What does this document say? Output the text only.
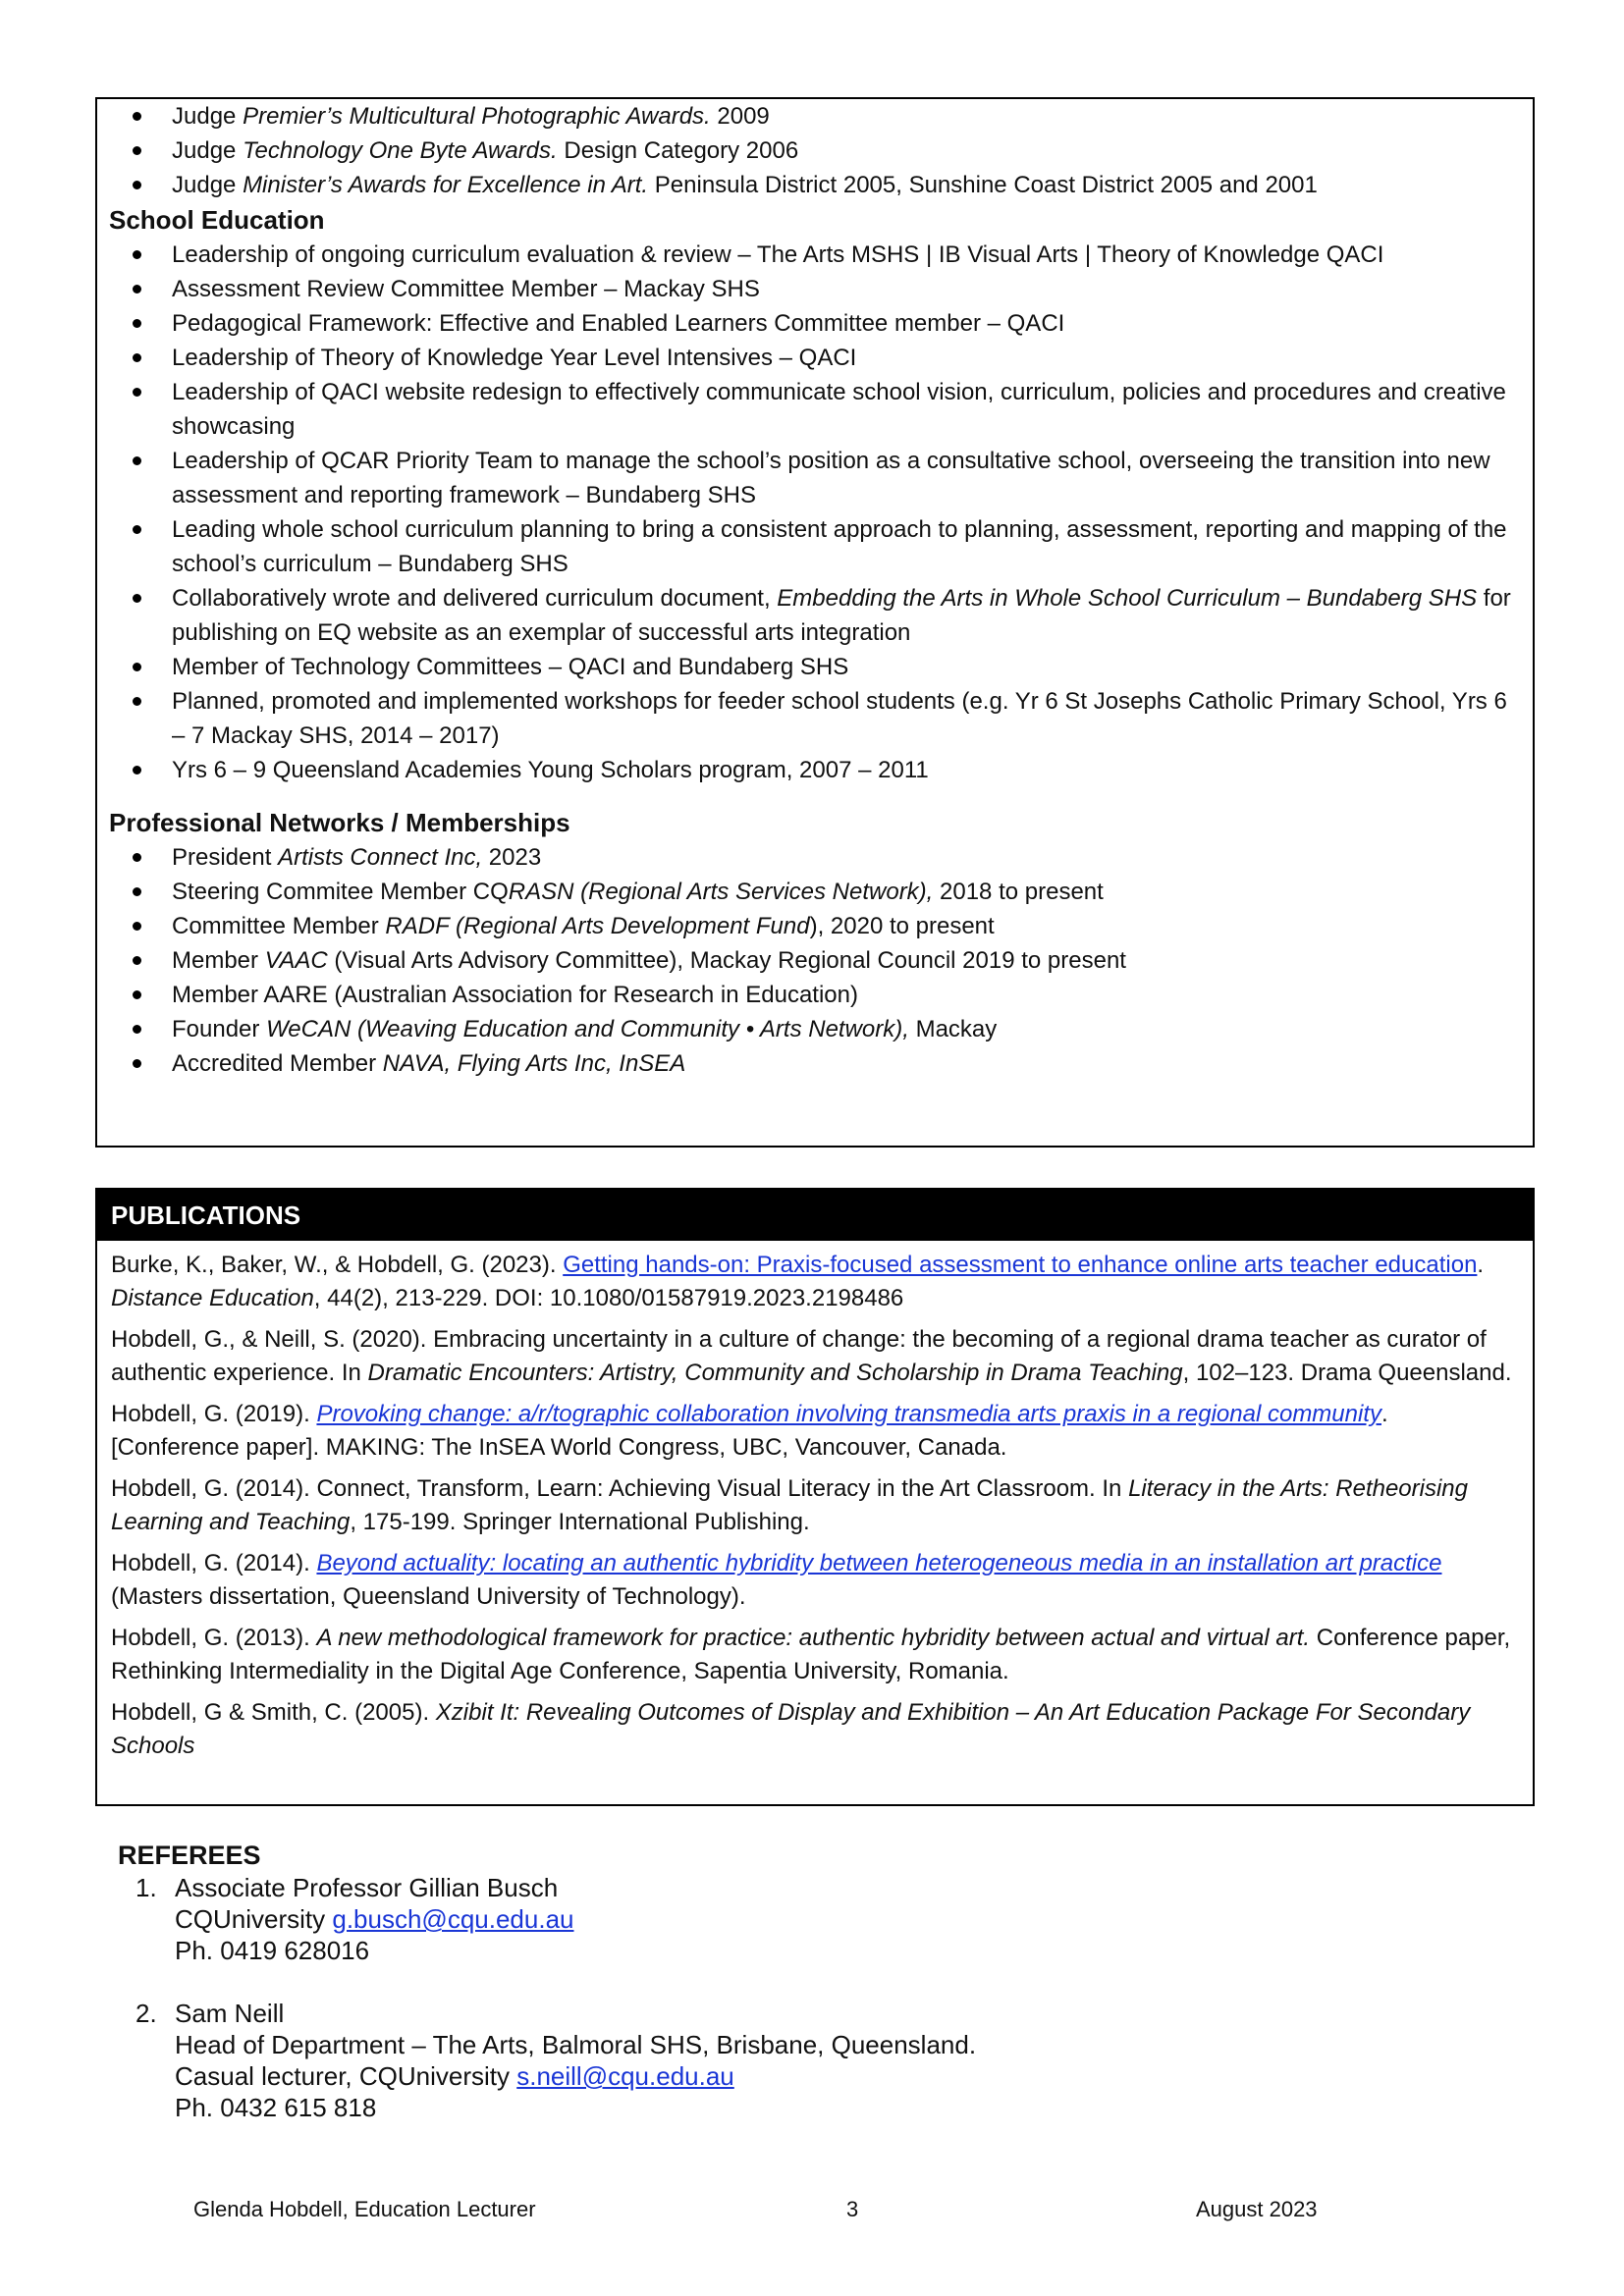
Judge Premier’s Multicultural Photographic Awards. 2009
Judge Technology One Byte Awards. Design Category 2006
Judge Minister’s Awards for Excellence in Art. Peninsula District 2005, Sunshine Coast District 2005 and 2001
School Education
Leadership of ongoing curriculum evaluation & review – The Arts MSHS | IB Visual Arts | Theory of Knowledge QACI
Assessment Review Committee Member – Mackay SHS
Pedagogical Framework: Effective and Enabled Learners Committee member – QACI
Leadership of Theory of Knowledge Year Level Intensives – QACI
Leadership of QACI website redesign to effectively communicate school vision, curriculum, policies and procedures and creative showcasing
Leadership of QCAR Priority Team to manage the school’s position as a consultative school, overseeing the transition into new assessment and reporting framework – Bundaberg SHS
Leading whole school curriculum planning to bring a consistent approach to planning, assessment, reporting and mapping of the school’s curriculum – Bundaberg SHS
Collaboratively wrote and delivered curriculum document, Embedding the Arts in Whole School Curriculum – Bundaberg SHS for publishing on EQ website as an exemplar of successful arts integration
Member of Technology Committees – QACI and Bundaberg SHS
Planned, promoted and implemented workshops for feeder school students (e.g. Yr 6 St Josephs Catholic Primary School, Yrs 6 – 7 Mackay SHS, 2014 – 2017)
Yrs 6 – 9 Queensland Academies Young Scholars program, 2007 – 2011
Professional Networks / Memberships
President Artists Connect Inc, 2023
Steering Commitee Member CQRASN (Regional Arts Services Network), 2018 to present
Committee Member RADF (Regional Arts Development Fund), 2020 to present
Member VAAC (Visual Arts Advisory Committee), Mackay Regional Council 2019 to present
Member AARE (Australian Association for Research in Education)
Founder WeCAN (Weaving Education and Community • Arts Network), Mackay
Accredited Member NAVA, Flying Arts Inc, InSEA
PUBLICATIONS
Burke, K., Baker, W., & Hobdell, G. (2023). Getting hands-on: Praxis-focused assessment to enhance online arts teacher education. Distance Education, 44(2), 213-229. DOI: 10.1080/01587919.2023.2198486
Hobdell, G., & Neill, S. (2020). Embracing uncertainty in a culture of change: the becoming of a regional drama teacher as curator of authentic experience. In Dramatic Encounters: Artistry, Community and Scholarship in Drama Teaching, 102–123. Drama Queensland.
Hobdell, G. (2019). Provoking change: a/r/tographic collaboration involving transmedia arts praxis in a regional community. [Conference paper]. MAKING: The InSEA World Congress, UBC, Vancouver, Canada.
Hobdell, G. (2014). Connect, Transform, Learn: Achieving Visual Literacy in the Art Classroom. In Literacy in the Arts: Retheorising Learning and Teaching, 175-199. Springer International Publishing.
Hobdell, G. (2014). Beyond actuality: locating an authentic hybridity between heterogeneous media in an installation art practice (Masters dissertation, Queensland University of Technology).
Hobdell, G. (2013). A new methodological framework for practice: authentic hybridity between actual and virtual art. Conference paper, Rethinking Intermediality in the Digital Age Conference, Sapentia University, Romania.
Hobdell, G & Smith, C. (2005). Xzibit It: Revealing Outcomes of Display and Exhibition – An Art Education Package For Secondary Schools
REFEREES
1. Associate Professor Gillian Busch
CQUniversity g.busch@cqu.edu.au
Ph. 0419 628016
2. Sam Neill
Head of Department – The Arts, Balmoral SHS, Brisbane, Queensland.
Casual lecturer, CQUniversity s.neill@cqu.edu.au
Ph. 0432 615 818
Glenda Hobdell, Education Lecturer	3	August 2023
